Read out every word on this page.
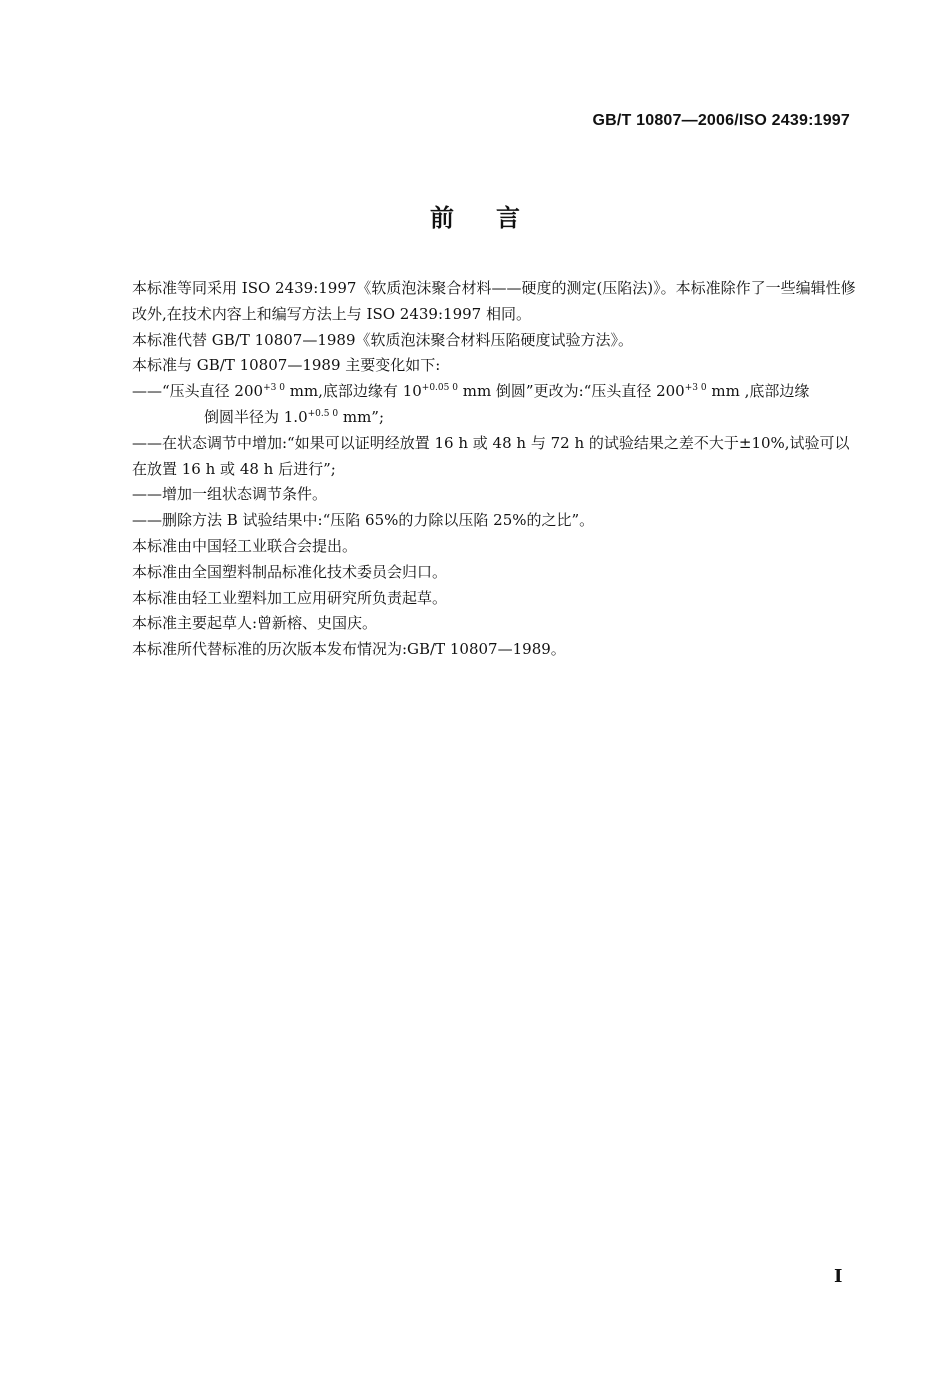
GB/T 10807—2006/ISO 2439:1997
前言

本标准等同采用 ISO 2439:1997《软质泡沫聚合材料——硬度的测定(压陷法)》。本标准除作了一些编辑性修改外,在技术内容上和编写方法上与 ISO 2439:1997 相同。

本标准代替 GB/T 10807—1989《软质泡沫聚合材料压陷硬度试验方法》。

本标准与 GB/T 10807—1989 主要变化如下:

——“压头直径 $200^{+3 0}$ mm,底部边缘有 $10^{+0.05 0}$ mm 倒圆”更改为:“压头直径 $200^{+3 0}$ mm ,底部边缘
倒圆半径为 $1.0^{+0.5 0}$ mm”;

——在状态调节中增加:“如果可以证明经放置 16 h 或 48 h 与 72 h 的试验结果之差不大于±10%,试验可以在放置 16 h 或 48 h 后进行”;

——增加一组状态调节条件。

——删除方法 B 试验结果中:“压陷 65%的力除以压陷 25%的之比”。

本标准由中国轻工业联合会提出。

本标准由全国塑料制品标准化技术委员会归口。

本标准由轻工业塑料加工应用研究所负责起草。

本标准主要起草人:曾新榕、史国庆。

本标准所代替标准的历次版本发布情况为:GB/T 10807—1989。

I
